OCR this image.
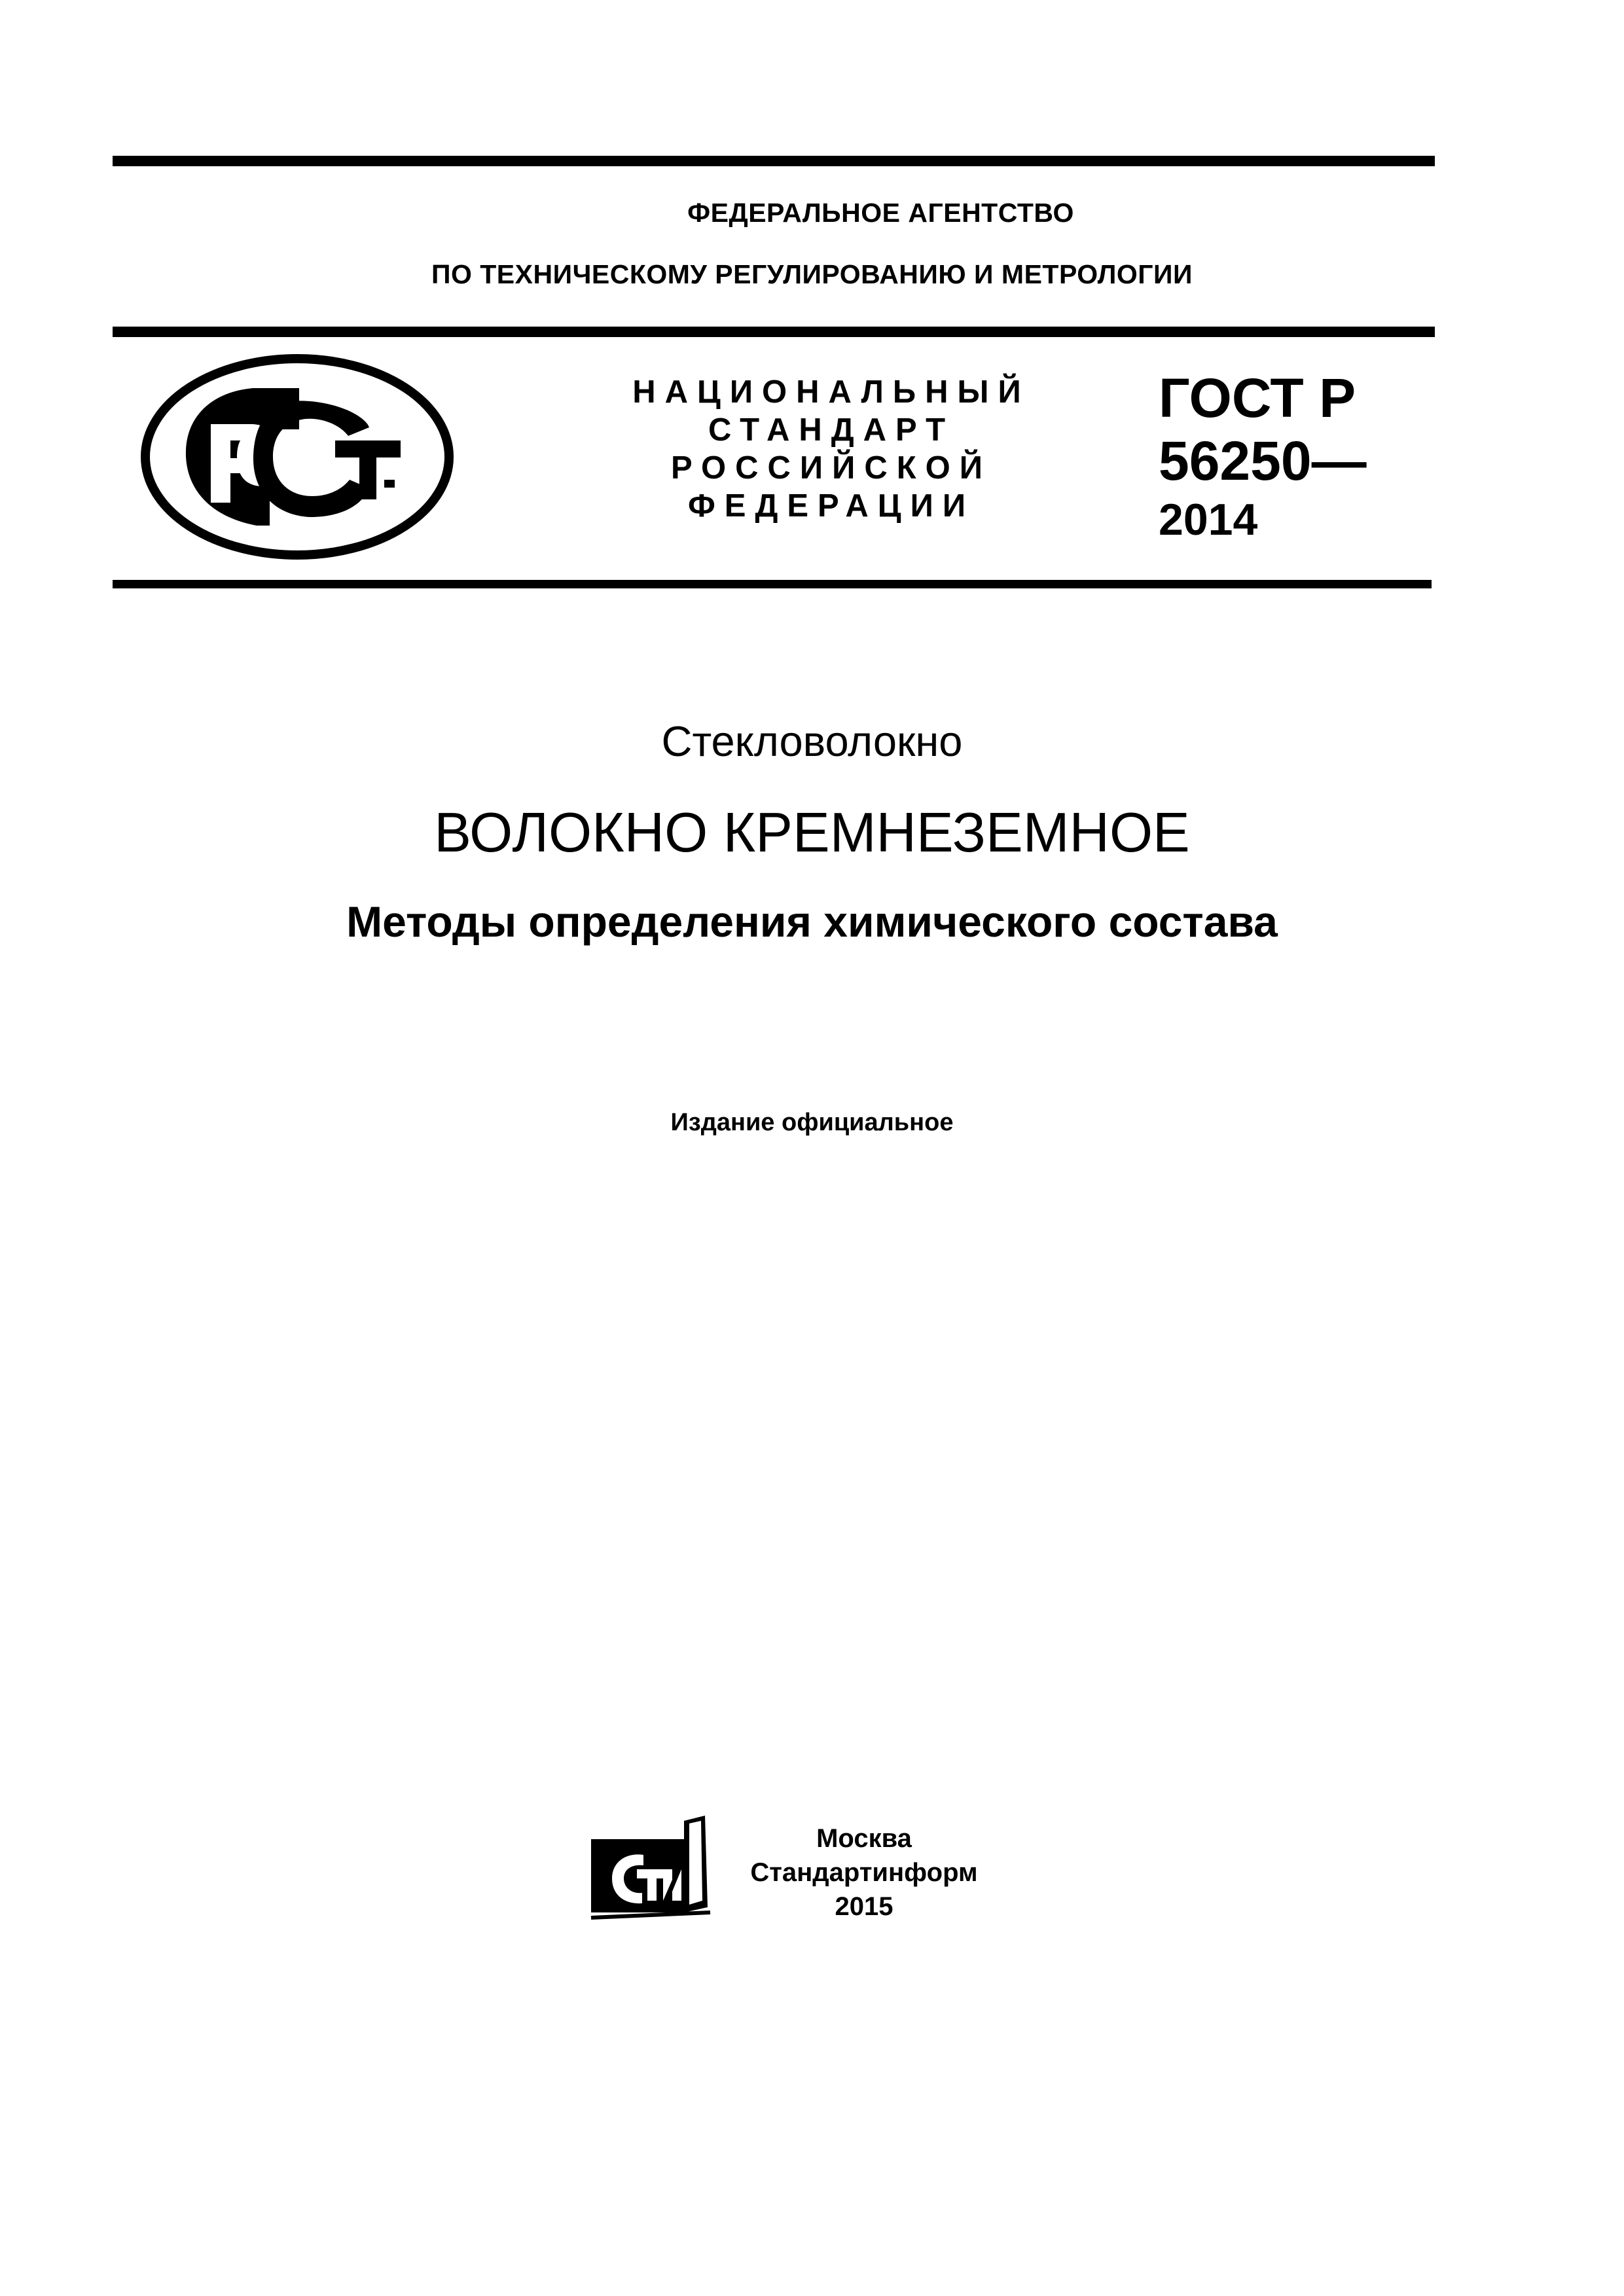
ФЕДЕРАЛЬНОЕ АГЕНТСТВО
ПО ТЕХНИЧЕСКОМУ РЕГУЛИРОВАНИЮ И МЕТРОЛОГИИ
НАЦИОНАЛЬНЫЙ
СТАНДАРТ
РОССИЙСКОЙ
ФЕДЕРАЦИИ
ГОСТ Р
56250—
2014
Стекловолокно
ВОЛОКНО КРЕМНЕЗЕМНОЕ
Методы определения химического состава
Издание официальное
Москва
Стандартинформ
2015
